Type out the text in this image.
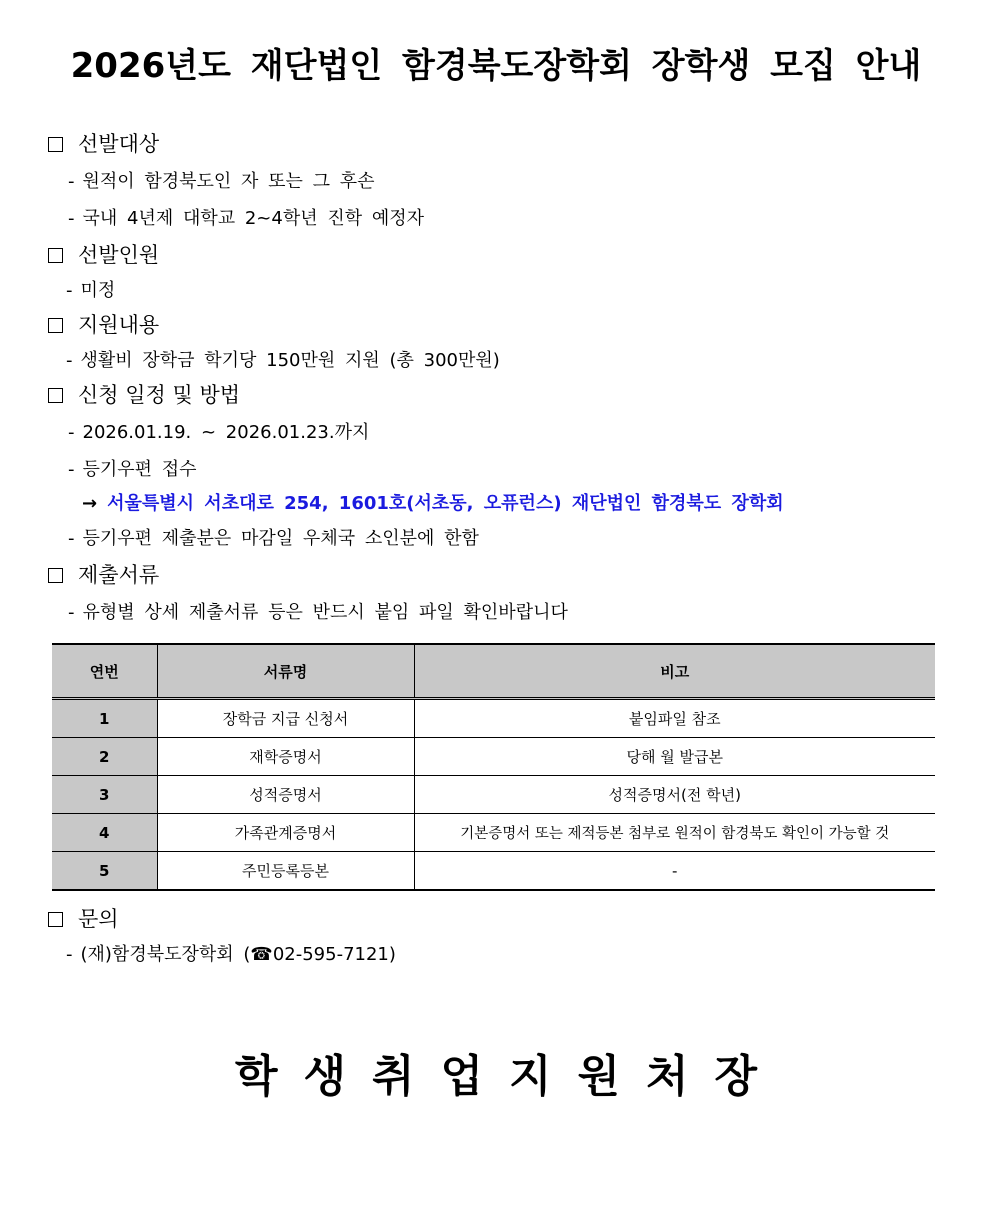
2026년도 재단법인 함경북도장학회 장학생 모집 안내
선발대상
- 원적이 함경북도인 자 또는 그 후손
- 국내 4년제 대학교 2~4학년 진학 예정자
선발인원
- 미정
지원내용
- 생활비 장학금 학기당 150만원 지원 (총 300만원)
신청 일정 및 방법
- 2026.01.19. ~ 2026.01.23.까지
- 등기우편 접수
→ 서울특별시 서초대로 254, 1601호(서초동, 오퓨런스) 재단법인 함경북도 장학회
- 등기우편 제출분은 마감일 우체국 소인분에 한함
제출서류
- 유형별 상세 제출서류 등은 반드시 붙임 파일 확인바랍니다
연번	서류명	비고
1	장학금 지급 신청서	붙임파일 참조
2	재학증명서	당해 월 발급본
3	성적증명서	성적증명서(전 학년)
4	가족관계증명서	기본증명서 또는 제적등본 첨부로 원적이 함경북도 확인이 가능할 것
5	주민등록등본	-
문의
- (재)함경북도장학회 (☎02-595-7121)
학생취업지원처장
